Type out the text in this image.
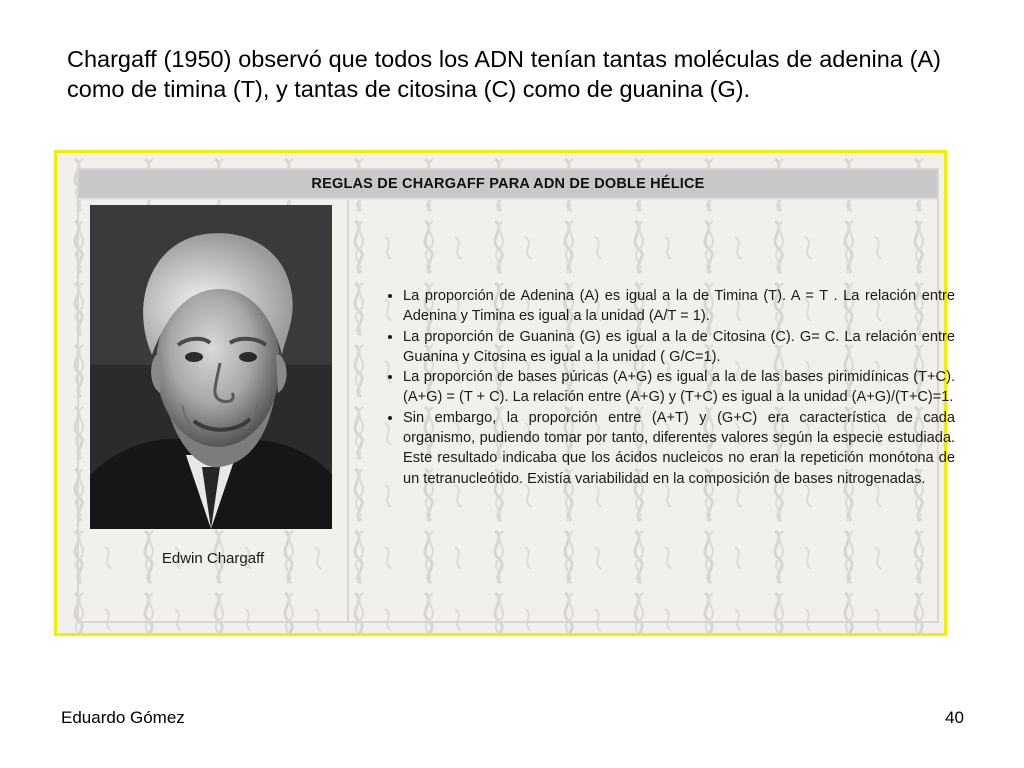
Chargaff (1950) observó que todos los ADN tenían tantas moléculas de adenina (A) como de timina (T), y tantas de citosina (C) como de guanina (G).

REGLAS DE CHARGAFF PARA ADN DE DOBLE HÉLICE
Edwin Chargaff
• La proporción de Adenina (A) es igual a la de Timina (T). A = T . La relación entre Adenina y Timina es igual a la unidad (A/T = 1).
• La proporción de Guanina (G) es igual a la de Citosina (C). G= C. La relación entre Guanina y Citosina es igual a la unidad ( G/C=1).
• La proporción de bases púricas (A+G) es igual a la de las bases pirimidínicas (T+C). (A+G) = (T + C). La relación entre (A+G) y (T+C) es igual a la unidad (A+G)/(T+C)=1.
• Sin embargo, la proporción entre (A+T) y (G+C) era característica de cada organismo, pudiendo tomar por tanto, diferentes valores según la especie estudiada. Este resultado indicaba que los ácidos nucleicos no eran la repetición monótona de un tetranucleótido. Existía variabilidad en la composición de bases nitrogenadas.
Eduardo Gómez	40
